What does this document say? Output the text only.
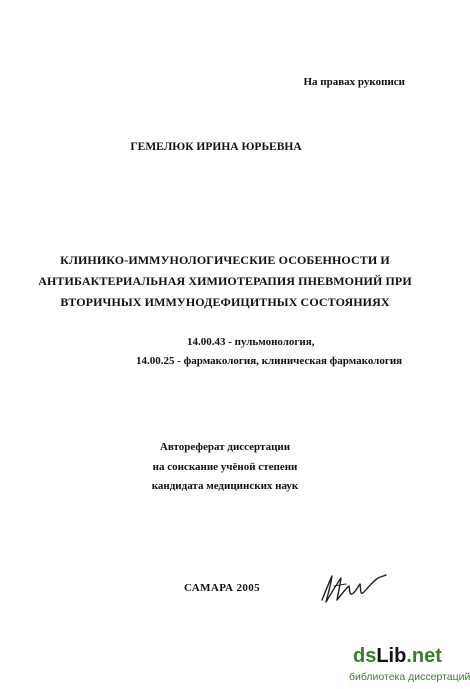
На правах рукописи
ГЕМЕЛЮК ИРИНА ЮРЬЕВНА
КЛИНИКО-ИММУНОЛОГИЧЕСКИЕ ОСОБЕННОСТИ И
АНТИБАКТЕРИАЛЬНАЯ ХИМИОТЕРАПИЯ ПНЕВМОНИЙ ПРИ
ВТОРИЧНЫХ ИММУНОДЕФИЦИТНЫХ СОСТОЯНИЯХ
14.00.43 - пульмонология,
14.00.25 - фармакология, клиническая фармакология
Автореферат диссертации
на соискание учёной степени
кандидата медицинских наук
САМАРА 2005
dsLib.net
библиотека диссертаций
